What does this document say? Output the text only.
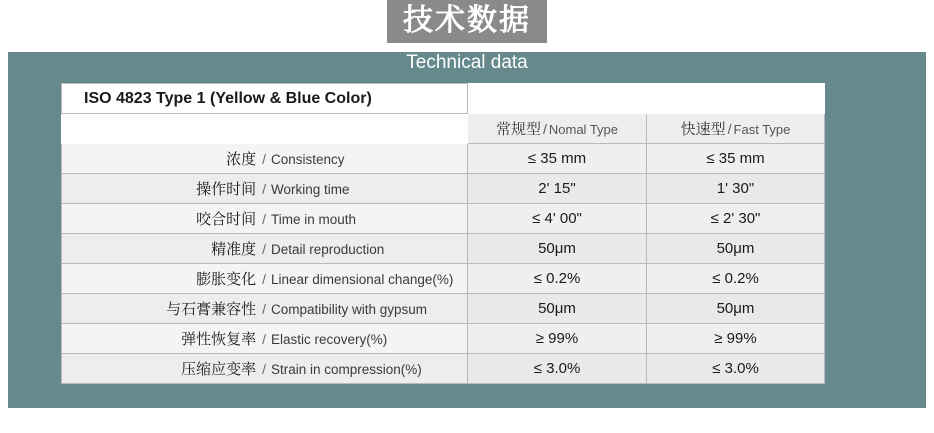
技术数据
Technical data
ISO 4823 Type 1 (Yellow & Blue Color)		
	常规型 / Nomal Type	快速型 / Fast Type
浓度 / Consistency	≤ 35 mm	≤ 35 mm
操作时间 / Working time	2' 15"	1' 30"
咬合时间 / Time in mouth	≤ 4' 00"	≤ 2' 30"
精准度 / Detail reproduction	50μm	50μm
膨胀变化 / Linear dimensional change(%)	≤ 0.2%	≤ 0.2%
与石膏兼容性 / Compatibility with gypsum	50μm	50μm
弹性恢复率 / Elastic recovery(%)	≥ 99%	≥ 99%
压缩应变率 / Strain in compression(%)	≤ 3.0%	≤ 3.0%
